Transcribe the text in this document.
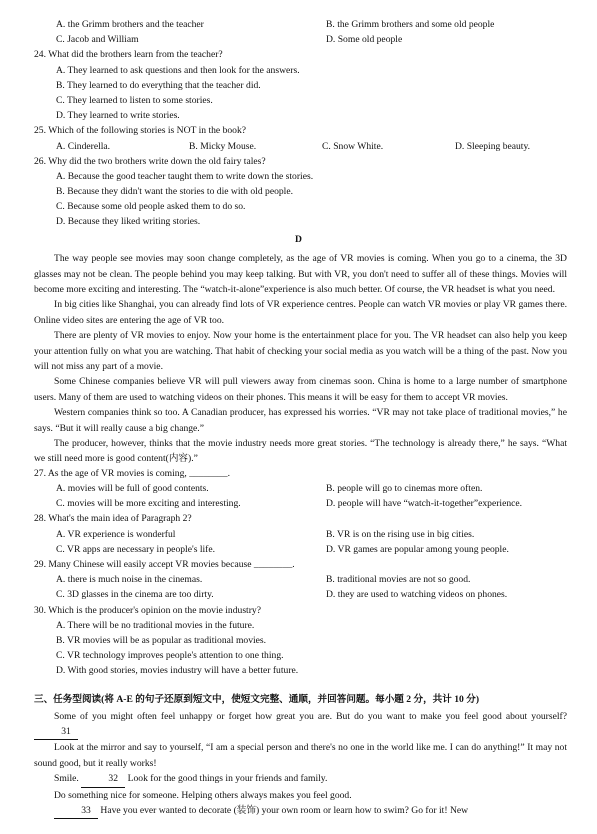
A. the Grimm brothers and the teacher	B. the Grimm brothers and some old people
C. Jacob and William	D. Some old people
24. What did the brothers learn from the teacher?
A. They learned to ask questions and then look for the answers.
B. They learned to do everything that the teacher did.
C. They learned to listen to some stories.
D. They learned to write stories.
25. Which of the following stories is NOT in the book?
A. Cinderella.	B. Micky Mouse.	C. Snow White.	D. Sleeping beauty.
26. Why did the two brothers write down the old fairy tales?
A. Because the good teacher taught them to write down the stories.
B. Because they didn't want the stories to die with old people.
C. Because some old people asked them to do so.
D. Because they liked writing stories.
D
The way people see movies may soon change completely, as the age of VR movies is coming. When you go to a cinema, the 3D glasses may not be clean. The people behind you may keep talking. But with VR, you don't need to suffer all of these things. Movies will become more exciting and interesting. The “watch-it-alone”experience is also much better. Of course, the VR headset is what you need.
In big cities like Shanghai, you can already find lots of VR experience centres. People can watch VR movies or play VR games there. Online video sites are entering the age of VR too.
There are plenty of VR movies to enjoy. Now your home is the entertainment place for you. The VR headset can also help you keep your attention fully on what you are watching. That habit of checking your social media as you watch will be a thing of the past. Now you will not miss any part of a movie.
Some Chinese companies believe VR will pull viewers away from cinemas soon. China is home to a large number of smartphone users. Many of them are used to watching videos on their phones. This means it will be easy for them to accept VR movies.
Western companies think so too. A Canadian producer, has expressed his worries. “VR may not take place of traditional movies,” he says. “But it will really cause a big change.”
The producer, however, thinks that the movie industry needs more great stories. “The technology is already there,” he says. “What we still need more is good content(内容).”
27. As the age of VR movies is coming, ________.
A. movies will be full of good contents.	B. people will go to cinemas more often.
C. movies will be more exciting and interesting.	D. people will have “watch-it-together”experience.
28. What's the main idea of Paragraph 2?
A. VR experience is wonderful	B. VR is on the rising use in big cities.
C. VR apps are necessary in people's life.	D. VR games are popular among young people.
29. Many Chinese will easily accept VR movies because ________.
A. there is much noise in the cinemas.	B. traditional movies are not so good.
C. 3D glasses in the cinema are too dirty.	D. they are used to watching videos on phones.
30. Which is the producer's opinion on the movie industry?
A. There will be no traditional movies in the future.
B. VR movies will be as popular as traditional movies.
C. VR technology improves people's attention to one thing.
D. With good stories, movies industry will have a better future.
三、任务型阅读(将 A-E 的句子还原到短文中，使短文完整、通顺，并回答问题。每小题 2 分，共计 10 分)
Some of you might often feel unhappy or forget how great you are. But do you want to make you feel good about yourself? 31
Look at the mirror and say to yourself, “I am a special person and there's no one in the world like me. I can do anything!” It may not sound good, but it really works!
Smile.	32 Look for the good things in your friends and family.
Do something nice for someone. Helping others always makes you feel good.
33 Have you ever wanted to decorate (装饰) your own room or learn how to swim? Go for it! New
